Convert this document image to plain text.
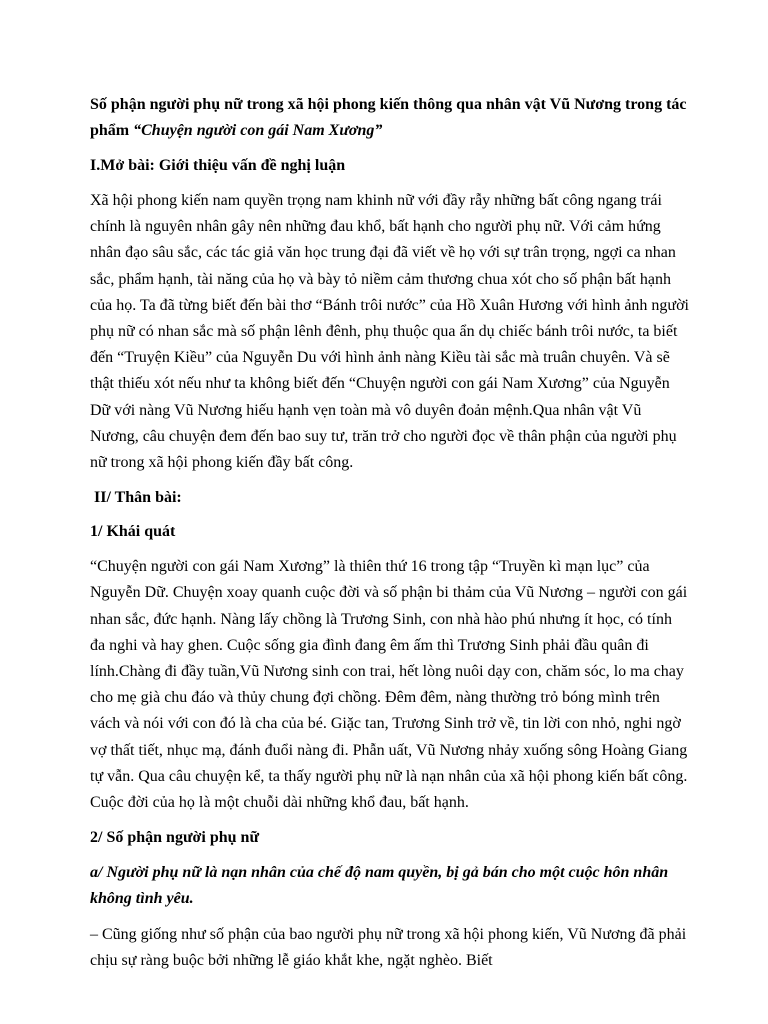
Số phận người phụ nữ trong xã hội phong kiến thông qua nhân vật Vũ Nương trong tác phẩm “Chuyện người con gái Nam Xương”

I.Mở bài: Giới thiệu vấn đề nghị luận

Xã hội phong kiến nam quyền trọng nam khinh nữ với đầy rẫy những bất công ngang trái chính là nguyên nhân gây nên những đau khổ, bất hạnh cho người phụ nữ. Với cảm hứng nhân đạo sâu sắc, các tác giả văn học trung đại đã viết về họ với sự trân trọng, ngợi ca nhan sắc, phẩm hạnh, tài năng của họ và bày tỏ niềm cảm thương chua xót cho số phận bất hạnh của họ. Ta đã từng biết đến bài thơ “Bánh trôi nước” của Hồ Xuân Hương với hình ảnh người phụ nữ có nhan sắc mà số phận lênh đênh, phụ thuộc qua ẩn dụ chiếc bánh trôi nước, ta biết đến “Truyện Kiều” của Nguyễn Du với hình ảnh nàng Kiều tài sắc mà truân chuyên. Và sẽ thật thiếu xót nếu như ta không biết đến “Chuyện người con gái Nam Xương” của Nguyễn Dữ với nàng Vũ Nương hiếu hạnh vẹn toàn mà vô duyên đoản mệnh.Qua nhân vật Vũ Nương, câu chuyện đem đến bao suy tư, trăn trở cho người đọc về thân phận của người phụ nữ trong xã hội phong kiến đầy bất công.

II/ Thân bài:

1/ Khái quát

“Chuyện người con gái Nam Xương” là thiên thứ 16 trong tập “Truyền kì mạn lục” của Nguyễn Dữ. Chuyện xoay quanh cuộc đời và số phận bi thảm của Vũ Nương – người con gái nhan sắc, đức hạnh. Nàng lấy chồng là Trương Sinh, con nhà hào phú nhưng ít học, có tính đa nghi và hay ghen. Cuộc sống gia đình đang êm ấm thì Trương Sinh phải đầu quân đi lính.Chàng đi đầy tuần,Vũ Nương sinh con trai, hết lòng nuôi dạy con, chăm sóc, lo ma chay cho mẹ già chu đáo và thủy chung đợi chồng. Đêm đêm, nàng thường trỏ bóng mình trên vách và nói với con đó là cha của bé. Giặc tan, Trương Sinh trở về, tin lời con nhỏ, nghi ngờ vợ thất tiết, nhục mạ, đánh đuổi nàng đi. Phẫn uất, Vũ Nương nhảy xuống sông Hoàng Giang tự vẫn. Qua câu chuyện kể, ta thấy người phụ nữ là nạn nhân của xã hội phong kiến bất công. Cuộc đời của họ là một chuỗi dài những khổ đau, bất hạnh.

2/ Số phận người phụ nữ

a/ Người phụ nữ là nạn nhân của chế độ nam quyền, bị gả bán cho một cuộc hôn nhân không tình yêu.

– Cũng giống như số phận của bao người phụ nữ trong xã hội phong kiến, Vũ Nương đã phải chịu sự ràng buộc bởi những lễ giáo khắt khe, ngặt nghèo. Biết
